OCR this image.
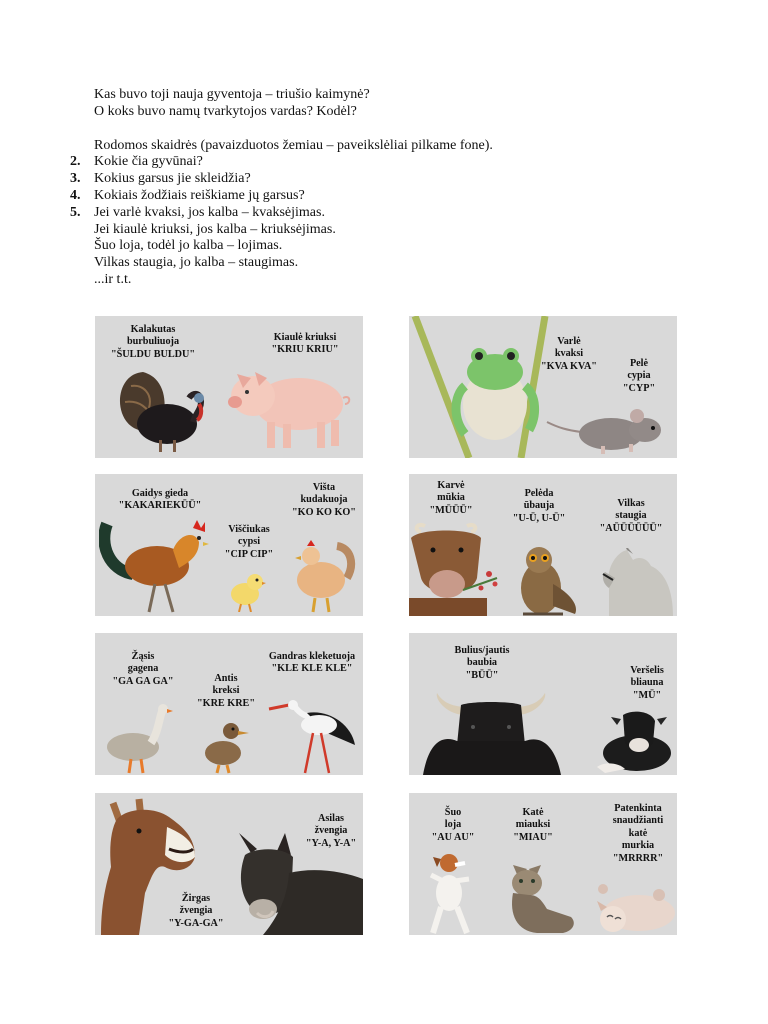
Kas buvo toji nauja gyventoja – triušio kaimynė?
O koks buvo namų tvarkytojos vardas? Kodėl?
Rodomos skaidrės (pavaizduotos žemiau – paveikslėliai pilkame fone).
2. Kokie čia gyvūnai?
3. Kokius garsus jie skleidžia?
4. Kokiais žodžiais reiškiame jų garsus?
5. Jei varlė kvaksi, jos kalba – kvaksėjimas.
Jei kiaulė kriuksi, jos kalba – kriuksėjimas.
Šuo loja, todėl jo kalba – lojimas.
Vilkas staugia, jo kalba – staugimas.
...ir t.t.
Kalakutas
burbuliuoja
"ŠULDU BULDU"
Kiaulė kriuksi
"KRIU KRIU"
Varlė
kvaksi
"KVA KVA"	Pelė
cypia
"CYP"
Gaidys gieda
"KAKARIEKŪŪ"
Viščiukas
cypsi
"CIP CIP"
Višta
kudakuoja
"KO KO KO"
Karvė
mūkia
"MŪŪŪ"
Pelėda
ūbauja
"U-Ū, U-Ū"
Vilkas
staugia
"AŪŪŪŪŪŪ"
Žąsis
gagena
"GA GA GA"	Antis
kreksi
"KRE KRE"
Gandras kleketuoja
"KLE KLE KLE"
Bulius/jautis
baubia
"BŪŪ"	Veršelis
bliauna
"MŪ"
Asilas
žvengia
"Y-A, Y-A"
Žirgas
žvengia
"Y-GA-GA"
Šuo
loja
"AU AU"
Katė
miauksi
"MIAU"
Patenkinta
snaudžianti
katė
murkia
"MRRRR"
